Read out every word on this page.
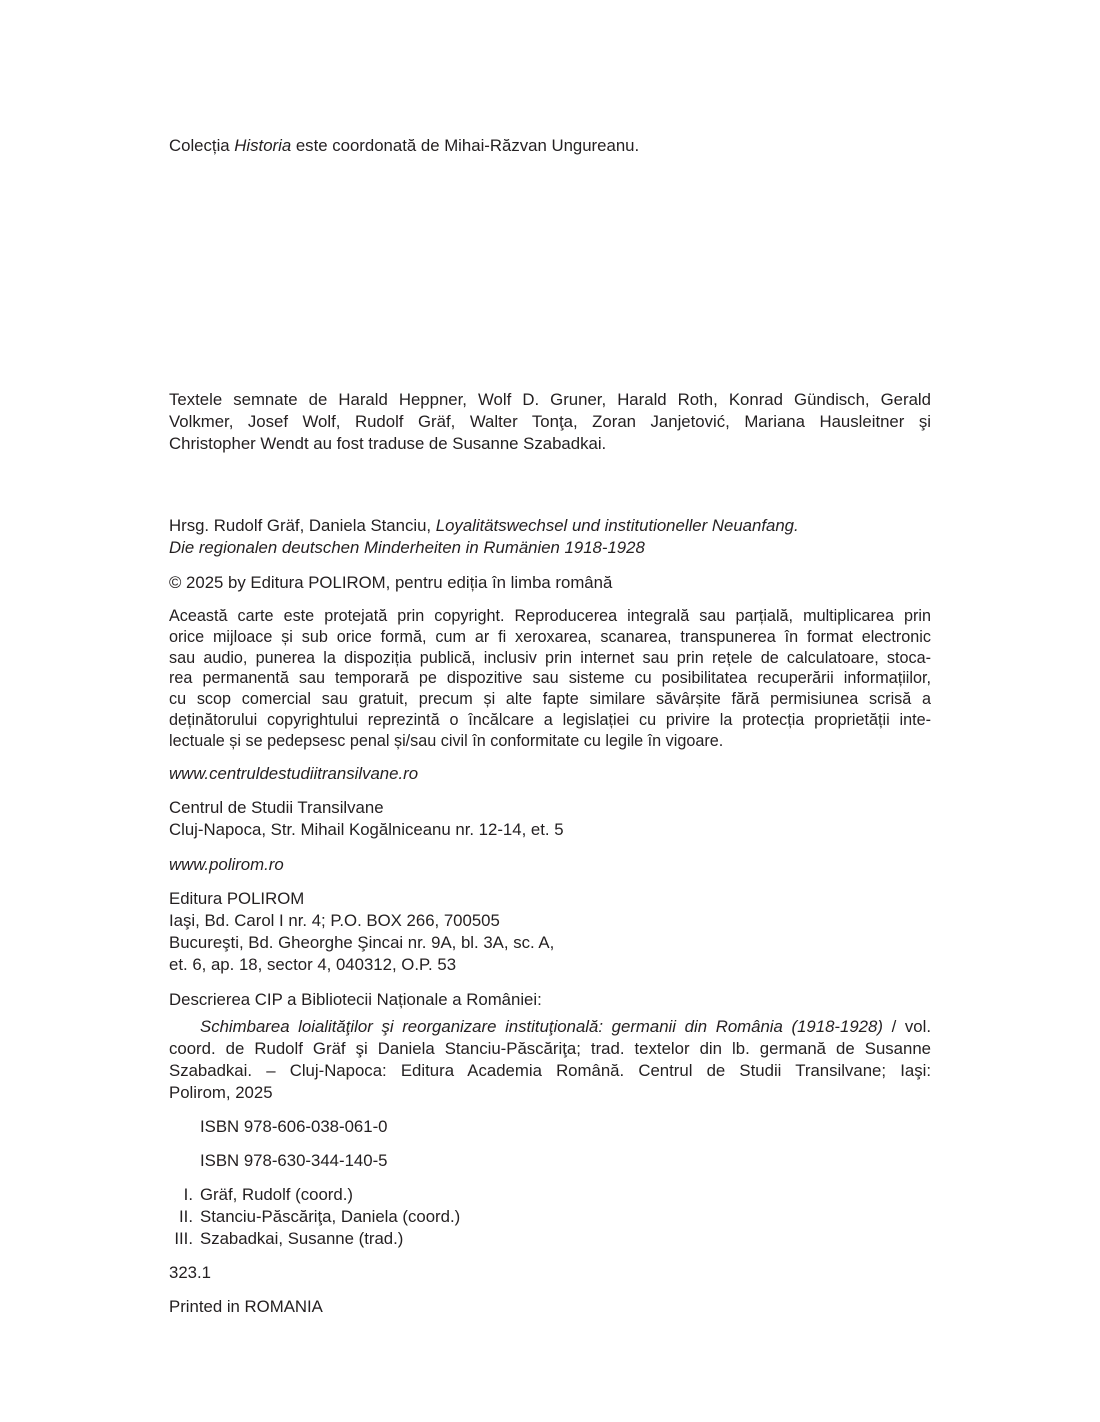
Colecția Historia este coordonată de Mihai-Răzvan Ungureanu.
Textele semnate de Harald Heppner, Wolf D. Gruner, Harald Roth, Konrad Gündisch, Gerald
Volkmer, Josef Wolf, Rudolf Gräf, Walter Tonţa, Zoran Janjetović, Mariana Hausleitner şi
Christopher Wendt au fost traduse de Susanne Szabadkai.
Hrsg. Rudolf Gräf, Daniela Stanciu, Loyalitätswechsel und institutioneller Neuanfang.
Die regionalen deutschen Minderheiten in Rumänien 1918-1928
© 2025 by Editura POLIROM, pentru ediția în limba română
Această carte este protejată prin copyright. Reproducerea integrală sau parțială, multiplicarea prin
orice mijloace și sub orice formă, cum ar fi xeroxarea, scanarea, transpunerea în format electronic
sau audio, punerea la dispoziția publică, inclusiv prin internet sau prin rețele de calculatoare, stoca-
rea permanentă sau temporară pe dispozitive sau sisteme cu posibilitatea recuperării informațiilor,
cu scop comercial sau gratuit, precum și alte fapte similare săvârșite fără permisiunea scrisă a
deținătorului copyrightului reprezintă o încălcare a legislației cu privire la protecția proprietății inte-
lectuale și se pedepsesc penal și/sau civil în conformitate cu legile în vigoare.
www.centruldestudiitransilvane.ro
Centrul de Studii Transilvane
Cluj-Napoca, Str. Mihail Kogălniceanu nr. 12-14, et. 5
www.polirom.ro
Editura POLIROM
Iaşi, Bd. Carol I nr. 4; P.O. BOX 266, 700505
Bucureşti, Bd. Gheorghe Şincai nr. 9A, bl. 3A, sc. A,
et. 6, ap. 18, sector 4, 040312, O.P. 53
Descrierea CIP a Bibliotecii Naționale a României:
Schimbarea loialităţilor şi reorganizare instituţională: germanii din România (1918-1928) / vol.
coord. de Rudolf Gräf şi Daniela Stanciu-Păscăriţa; trad. textelor din lb. germană de Susanne
Szabadkai. – Cluj-Napoca: Editura Academia Română. Centrul de Studii Transilvane; Iaşi:
Polirom, 2025
ISBN 978-606-038-061-0
ISBN 978-630-344-140-5
I. Gräf, Rudolf (coord.)
II. Stanciu-Păscăriţa, Daniela (coord.)
III. Szabadkai, Susanne (trad.)
323.1
Printed in ROMANIA
